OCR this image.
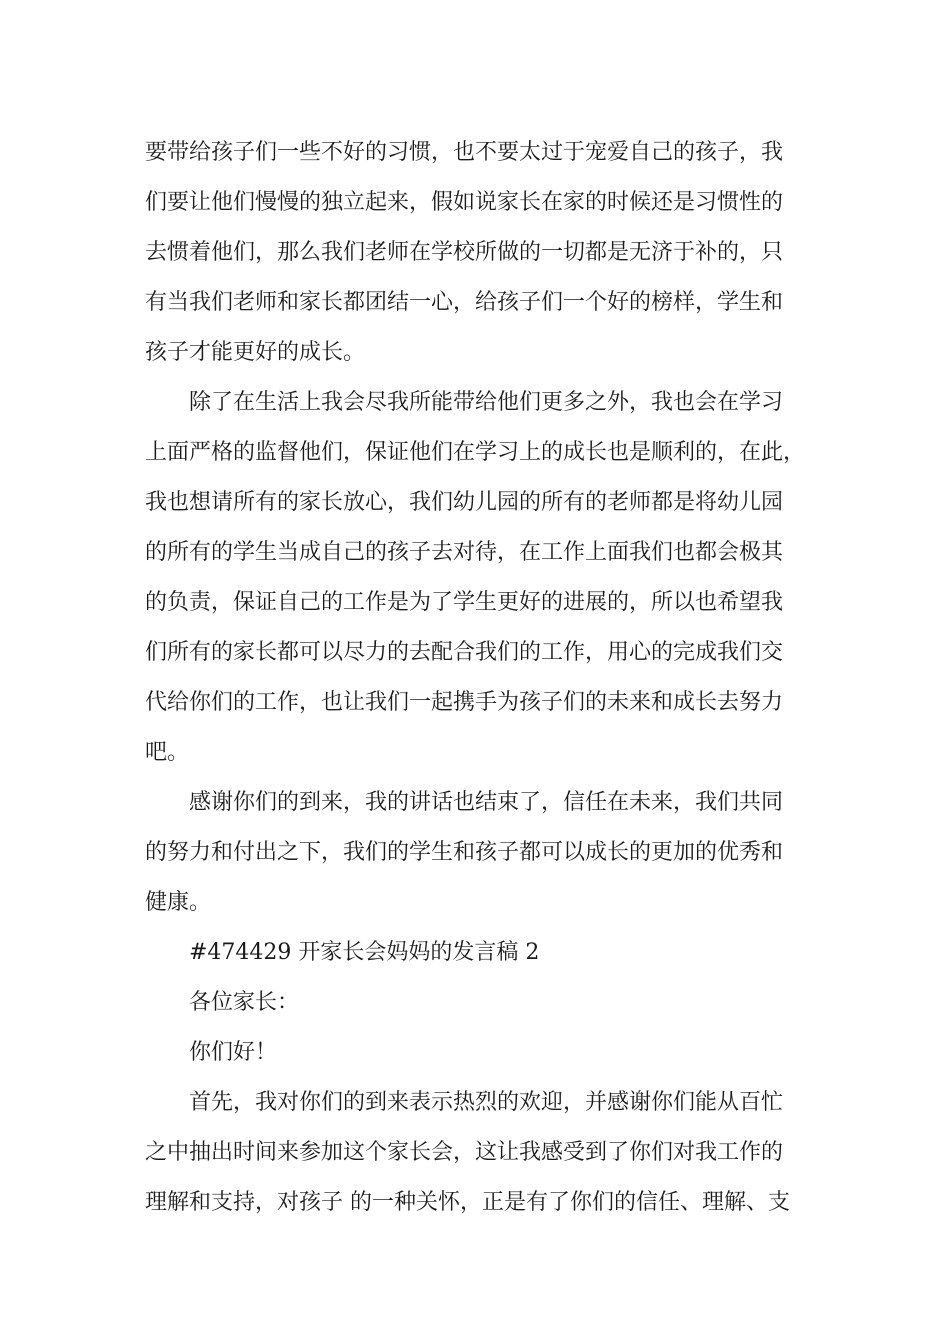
要带给孩子们一些不好的习惯，也不要太过于宠爱自己的孩子，我
们要让他们慢慢的独立起来，假如说家长在家的时候还是习惯性的
去惯着他们，那么我们老师在学校所做的一切都是无济于补的，只
有当我们老师和家长都团结一心，给孩子们一个好的榜样，学生和
孩子才能更好的成长。
除了在生活上我会尽我所能带给他们更多之外，我也会在学习
上面严格的监督他们，保证他们在学习上的成长也是顺利的，在此，
我也想请所有的家长放心，我们幼儿园的所有的老师都是将幼儿园
的所有的学生当成自己的孩子去对待，在工作上面我们也都会极其
的负责，保证自己的工作是为了学生更好的进展的，所以也希望我
们所有的家长都可以尽力的去配合我们的工作，用心的完成我们交
代给你们的工作，也让我们一起携手为孩子们的未来和成长去努力
吧。
感谢你们的到来，我的讲话也结束了，信任在未来，我们共同
的努力和付出之下，我们的学生和孩子都可以成长的更加的优秀和
健康。
#474429 开家长会妈妈的发言稿 2
各位家长：
你们好！
首先，我对你们的到来表示热烈的欢迎，并感谢你们能从百忙
之中抽出时间来参加这个家长会，这让我感受到了你们对我工作的
理解和支持，对孩子 的一种关怀，正是有了你们的信任、理解、支
